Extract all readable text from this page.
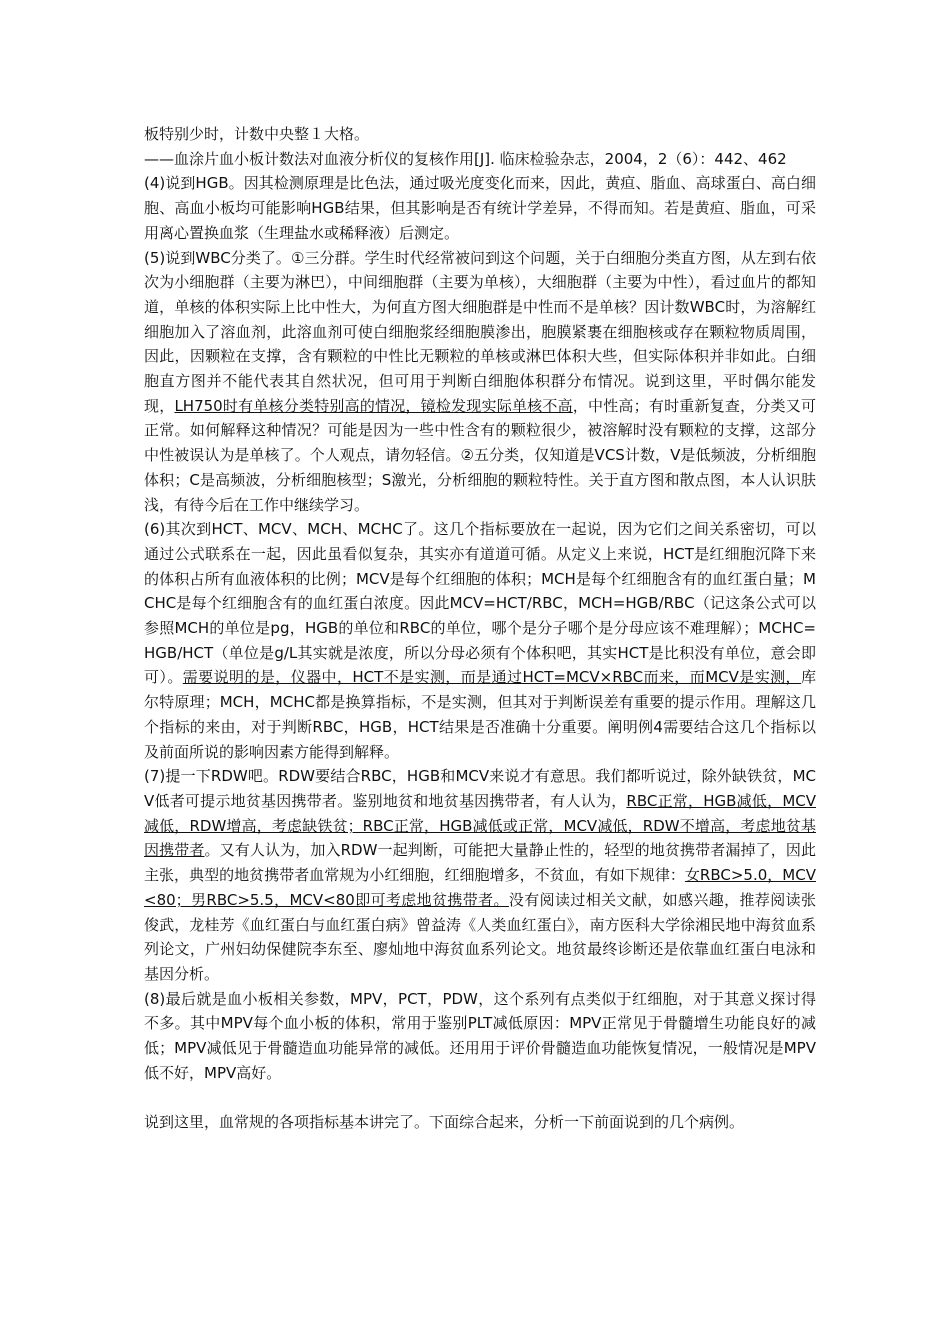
板特别少时，计数中央整１大格。

——血涂片血小板计数法对血液分析仪的复核作用[J]. 临床检验杂志，2004，2（6）：442、462

(4)说到HGB。因其检测原理是比色法，通过吸光度变化而来，因此，黄疸、脂血、高球蛋白、高白细胞、高血小板均可能影响HGB结果，但其影响是否有统计学差异，不得而知。若是黄疸、脂血，可采用离心置换血浆（生理盐水或稀释液）后测定。

(5)说到WBC分类了。①三分群。学生时代经常被问到这个问题，关于白细胞分类直方图，从左到右依次为小细胞群（主要为淋巴），中间细胞群（主要为单核），大细胞群（主要为中性），看过血片的都知道，单核的体积实际上比中性大，为何直方图大细胞群是中性而不是单核？因计数WBC时，为溶解红细胞加入了溶血剂，此溶血剂可使白细胞浆经细胞膜渗出，胞膜紧裹在细胞核或存在颗粒物质周围，因此，因颗粒在支撑，含有颗粒的中性比无颗粒的单核或淋巴体积大些，但实际体积并非如此。白细胞直方图并不能代表其自然状况，但可用于判断白细胞体积群分布情况。说到这里，平时偶尔能发现，LH750时有单核分类特别高的情况，镜检发现实际单核不高，中性高；有时重新复查，分类又可正常。如何解释这种情况？可能是因为一些中性含有的颗粒很少，被溶解时没有颗粒的支撑，这部分中性被误认为是单核了。个人观点，请勿轻信。②五分类，仅知道是VCS计数，V是低频波，分析细胞体积；C是高频波，分析细胞核型；S激光，分析细胞的颗粒特性。关于直方图和散点图，本人认识肤浅，有待今后在工作中继续学习。

(6)其次到HCT、MCV、MCH、MCHC了。这几个指标要放在一起说，因为它们之间关系密切，可以通过公式联系在一起，因此虽看似复杂，其实亦有道道可循。从定义上来说，HCT是红细胞沉降下来的体积占所有血液体积的比例；MCV是每个红细胞的体积；MCH是每个红细胞含有的血红蛋白量；MCHC是每个红细胞含有的血红蛋白浓度。因此MCV=HCT/RBC，MCH=HGB/RBC（记这条公式可以参照MCH的单位是pg，HGB的单位和RBC的单位，哪个是分子哪个是分母应该不难理解）；MCHC=HGB/HCT（单位是g/L其实就是浓度，所以分母必须有个体积吧，其实HCT是比积没有单位，意会即可）。需要说明的是，仪器中，HCT不是实测，而是通过HCT=MCV×RBC而来，而MCV是实测，库尔特原理；MCH，MCHC都是换算指标，不是实测，但其对于判断误差有重要的提示作用。理解这几个指标的来由，对于判断RBC，HGB，HCT结果是否准确十分重要。阐明例4需要结合这几个指标以及前面所说的影响因素方能得到解释。

(7)提一下RDW吧。RDW要结合RBC，HGB和MCV来说才有意思。我们都听说过，除外缺铁贫，MCV低者可提示地贫基因携带者。鉴别地贫和地贫基因携带者，有人认为，RBC正常，HGB减低，MCV减低，RDW增高，考虑缺铁贫；RBC正常，HGB减低或正常，MCV减低，RDW不增高，考虑地贫基因携带者。又有人认为，加入RDW一起判断，可能把大量静止性的，轻型的地贫携带者漏掉了，因此主张，典型的地贫携带者血常规为小红细胞，红细胞增多，不贫血，有如下规律：女RBC>5.0，MCV<80；男RBC>5.5，MCV<80即可考虑地贫携带者。没有阅读过相关文献，如感兴趣，推荐阅读张俊武，龙桂芳《血红蛋白与血红蛋白病》曾益涛《人类血红蛋白》，南方医科大学徐湘民地中海贫血系列论文，广州妇幼保健院李东至、廖灿地中海贫血系列论文。地贫最终诊断还是依靠血红蛋白电泳和基因分析。

(8)最后就是血小板相关参数，MPV，PCT，PDW，这个系列有点类似于红细胞，对于其意义探讨得不多。其中MPV每个血小板的体积，常用于鉴别PLT减低原因：MPV正常见于骨髓增生功能良好的减低；MPV减低见于骨髓造血功能异常的减低。还用用于评价骨髓造血功能恢复情况，一般情况是MPV低不好，MPV高好。

说到这里，血常规的各项指标基本讲完了。下面综合起来，分析一下前面说到的几个病例。
